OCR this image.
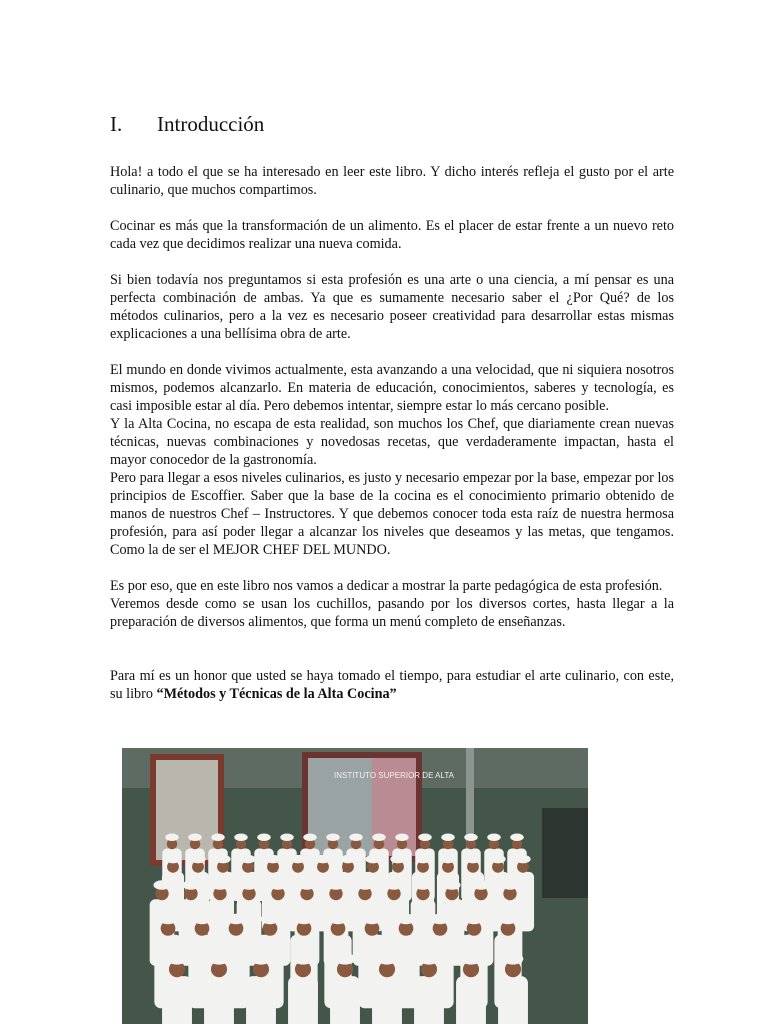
I. Introducción

Hola! a todo el que se ha interesado en leer este libro. Y dicho interés refleja el gusto por el arte culinario, que muchos compartimos.

Cocinar es más que la transformación de un alimento. Es el placer de estar frente a un nuevo reto cada vez que decidimos realizar una nueva comida.

Si bien todavía nos preguntamos si esta profesión es una arte o una ciencia, a mí pensar es una perfecta combinación de ambas. Ya que es sumamente necesario saber el ¿Por Qué? de los métodos culinarios, pero a la vez es necesario poseer creatividad para desarrollar estas mismas explicaciones a una bellísima obra de arte.

El mundo en donde vivimos actualmente, esta avanzando a una velocidad, que ni siquiera nosotros mismos, podemos alcanzarlo. En materia de educación, conocimientos, saberes y tecnología, es casi imposible estar al día. Pero debemos intentar, siempre estar lo más cercano posible.

Y la Alta Cocina, no escapa de esta realidad, son muchos los Chef, que diariamente crean nuevas técnicas, nuevas combinaciones y novedosas recetas, que verdaderamente impactan, hasta el mayor conocedor de la gastronomía.

Pero para llegar a esos niveles culinarios, es justo y necesario empezar por la base, empezar por los principios de Escoffier. Saber que la base de la cocina es el conocimiento primario obtenido de manos de nuestros Chef – Instructores. Y que debemos conocer toda esta raíz de nuestra hermosa profesión, para así poder llegar a alcanzar los niveles que deseamos y las metas, que tengamos. Como la de ser el MEJOR CHEF DEL MUNDO.

Es por eso, que en este libro nos vamos a dedicar a mostrar la parte pedagógica de esta profesión.

Veremos desde como se usan los cuchillos, pasando por los diversos cortes, hasta llegar a la preparación de diversos alimentos, que forma un menú completo de enseñanzas.

Para mí es un honor que usted se haya tomado el tiempo, para estudiar el arte culinario, con este, su libro “Métodos y Técnicas de la Alta Cocina”

INSTITUTO SUPERIOR DE ALTA
